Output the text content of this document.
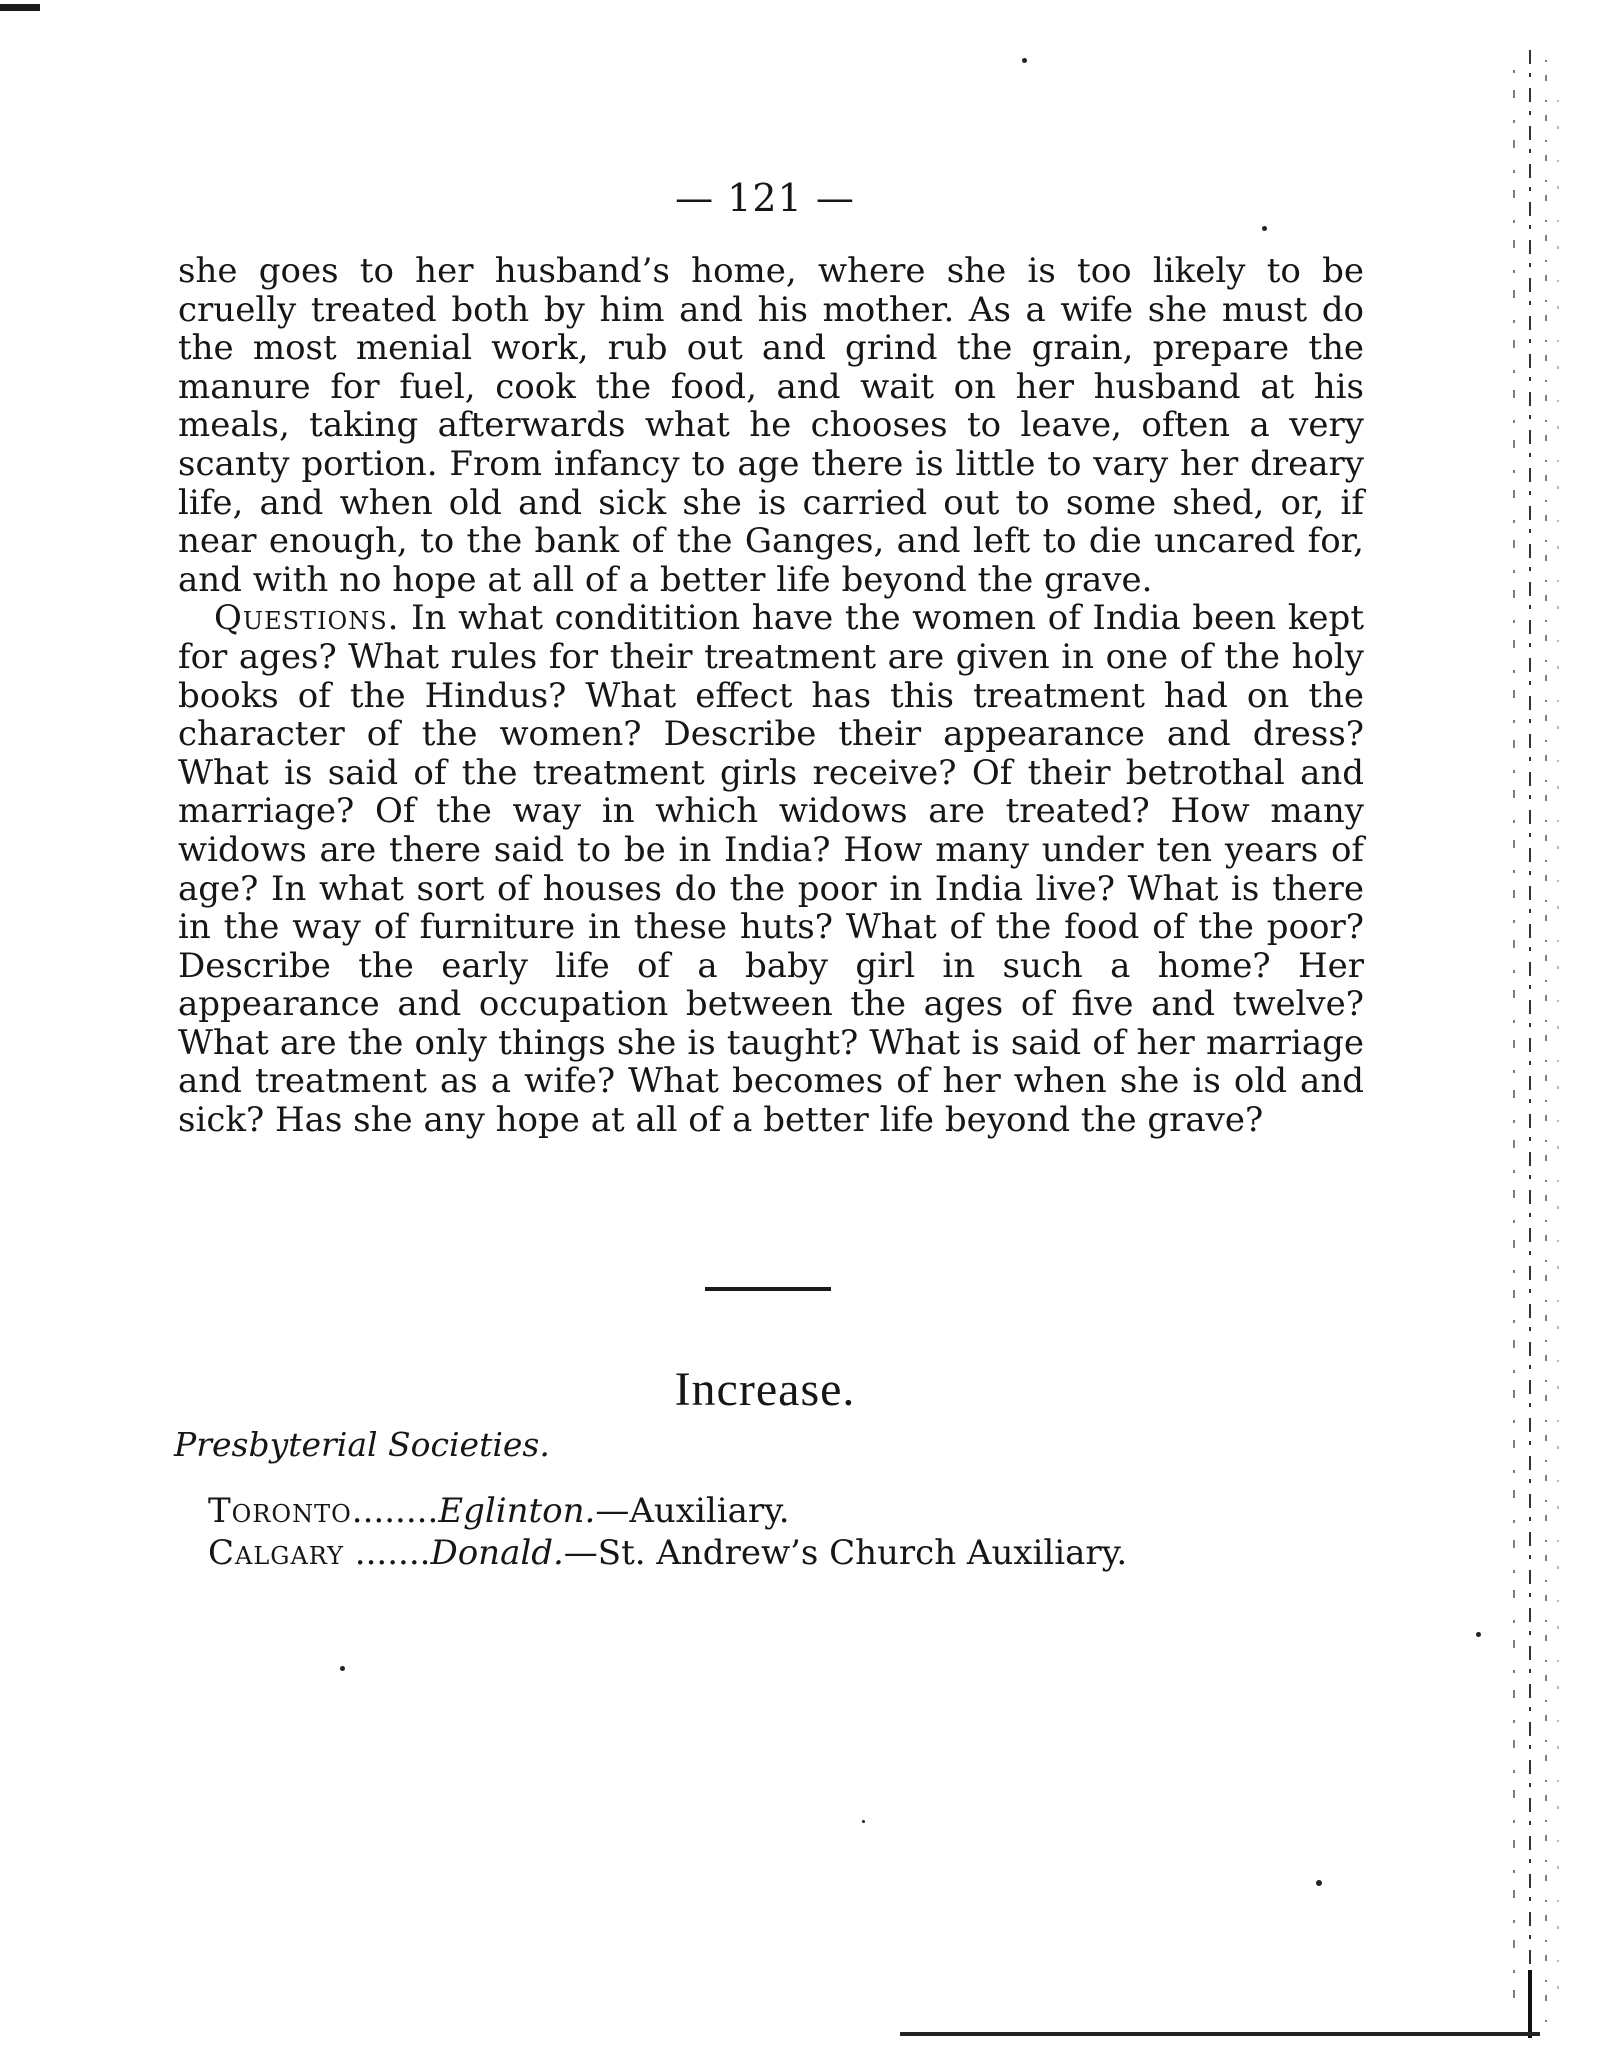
— 121 —

she goes to her husband’s home, where she is too likely to be cruelly treated both by him and his mother. As a wife she must do the most menial work, rub out and grind the grain, prepare the manure for fuel, cook the food, and wait on her husband at his meals, taking afterwards what he chooses to leave, often a very scanty portion. From infancy to age there is little to vary her dreary life, and when old and sick she is carried out to some shed, or, if near enough, to the bank of the Ganges, and left to die uncared for, and with no hope at all of a better life beyond the grave.

Questions. In what conditition have the women of India been kept for ages? What rules for their treatment are given in one of the holy books of the Hindus? What effect has this treatment had on the character of the women? Describe their appearance and dress? What is said of the treatment girls receive? Of their betrothal and marriage? Of the way in which widows are treated? How many widows are there said to be in India? How many under ten years of age? In what sort of houses do the poor in India live? What is there in the way of furniture in these huts? What of the food of the poor? Describe the early life of a baby girl in such a home? Her appearance and occupation between the ages of five and twelve? What are the only things she is taught? What is said of her marriage and treatment as a wife? What becomes of her when she is old and sick? Has she any hope at all of a better life beyond the grave?

Increase.
Presbyterial Societies.
Toronto........Eglinton.—Auxiliary.
Calgary .......Donald.—St. Andrew’s Church Auxiliary.
